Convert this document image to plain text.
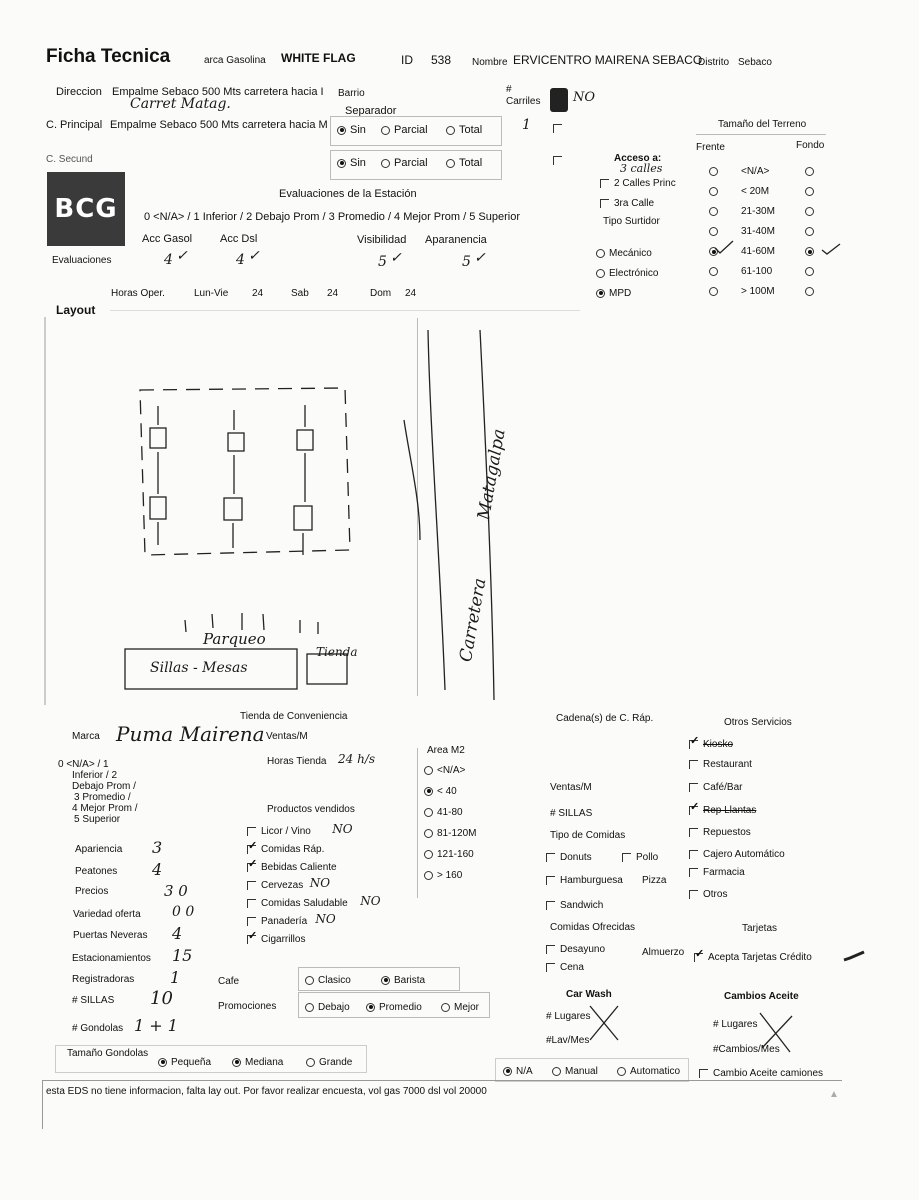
Ficha Tecnica	arca Gasolina WHITE FLAG	ID 538 Nombre ERVICENTRO MAIRENA SEBACO
Distrito Sebaco
Direccion Empalme Sebaco 500 Mts carretera hacia I
Carret Matag.
Barrio
Separador
C. Principal Empalme Sebaco 500 Mts carretera hacia M	Sin	Parcial	Total
C. Secund	Sin	Parcial	Total
#
Carriles	NO
1
BCG	Evaluaciones de la Estación
0 <N/A> / 1 Inferior / 2 Debajo Prom / 3 Promedio / 4 Mejor Prom / 5 Superior
Acc Gasol	Acc Dsl	Visibilidad Aparanencia
Evaluaciones	4 ✓	4 ✓	5 ✓	5 ✓
Horas Oper.	Lun-Vie 24	Sab 24	Dom 24
Acceso a:
3 calles
2 Calles Princ
3ra Calle
Tipo Surtidor
Mecánico
Electrónico
MPD
Tamaño del Terreno
Frente	Fondo
<N/A>
< 20M
21-30M
31-40M
41-60M
61-100
> 100M
Layout
Parqueo
Tienda
Sillas - Mesas
Carretera
Matagalpa
Tienda de Conveniencia
Marca Puma Mairena Ventas/M
0 <N/A> / 1
Inferior / 2
Debajo Prom /
3 Promedio /
4 Mejor Prom /
5 Superior
Horas Tienda 24 h/s
Productos vendidos
Licor / Vino NO
✓Comidas Ráp.
✓Bebidas Caliente
Cervezas NO
Comidas Saludable NO
Panadería NO
✓Cigarrillos
Apariencia 3
Peatones 4
Precios	3 0
Variedad oferta 0 0
Puertas Neveras 4
Estacionamientos 15
Registradoras 1
# SILLAS 10
# Gondolas 1 + 1
Cafe	Clasico	Barista
Promociones	Debajo	Promedio	Mejor
Tamaño Gondolas
Pequeña	Mediana	Grande
Area M2
<N/A>
< 40
41-80
81-120M
121-160
> 160
Cadena(s) de C. Ráp.
Ventas/M
# SILLAS
Tipo de Comidas
Donuts	Pollo
Hamburguesa Pizza
Sandwich
Comidas Ofrecidas
Desayuno	Almuerzo
Cena
Car Wash
# Lugares
#Lav/Mes
N/A	Manual	Automatico
Otros Servicios
✓Kiosko
Restaurant
Café/Bar
✓Rep Llantas
Repuestos
Cajero Automático
Farmacia
Otros
Tarjetas
✓Acepta Tarjetas Crédito
Cambios Aceite
# Lugares
#Cambios/Mes
Cambio Aceite camiones
esta EDS no tiene informacion, falta lay out. Por favor realizar encuesta, vol gas 7000 dsl vol 20000	▲
